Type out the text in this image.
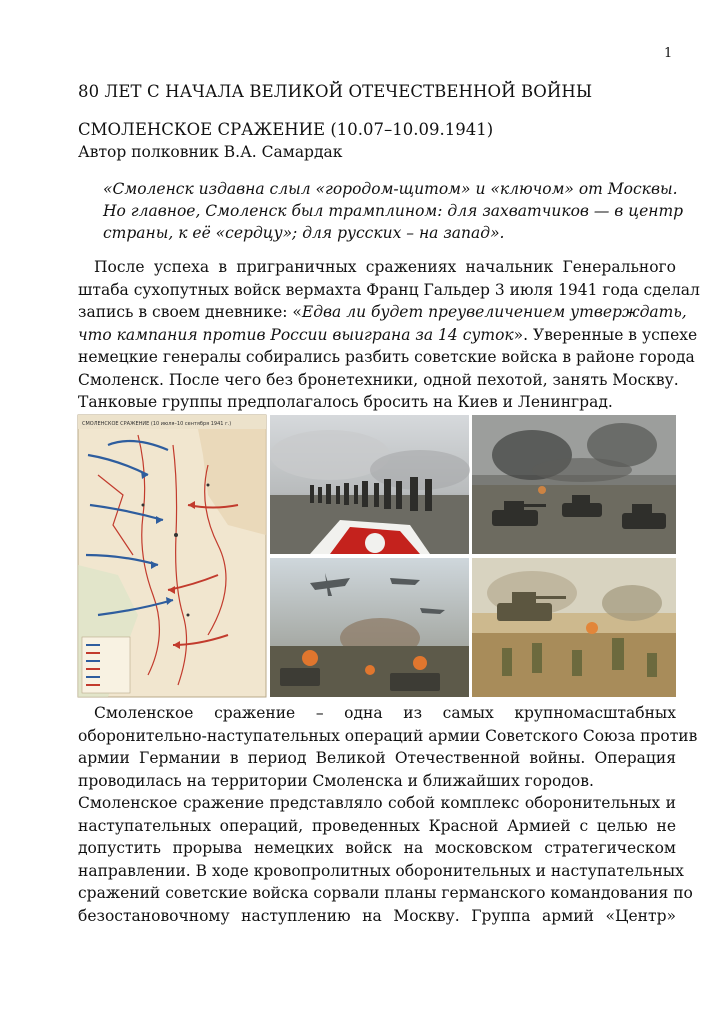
1
80 ЛЕТ С НАЧАЛА ВЕЛИКОЙ ОТЕЧЕСТВЕННОЙ ВОЙНЫ
СМОЛЕНСКОЕ СРАЖЕНИЕ (10.07–10.09.1941)
Автор полковник В.А. Самардак
«Смоленск издавна слыл «городом-щитом» и «ключом» от Москвы.
Но главное, Смоленск был трамплином: для захватчиков — в центр
страны, к её «сердцу»; для русских – на запад».
После успеха в приграничных сражениях начальник Генерального
штаба сухопутных войск вермахта Франц Гальдер 3 июля 1941 года сделал
запись в своем дневнике: «Едва ли будет преувеличением утверждать,
что кампания против России выиграна за 14 суток». Уверенные в успехе
немецкие генералы собирались разбить советские войска в районе города
Смоленск. После чего без бронетехники, одной пехотой, занять Москву.
Танковые группы предполагалось бросить на Киев и Ленинград.
СМОЛЕНСКОЕ СРАЖЕНИЕ (10 июля–10 сентября 1941 г.)
Смоленское сражение – одна из самых крупномасштабных
оборонительно-наступательных операций армии Советского Союза против
армии Германии в период Великой Отечественной войны. Операция
проводилась на территории Смоленска и ближайших городов.
Смоленское сражение представляло собой комплекс оборонительных и
наступательных операций, проведенных Красной Армией с целью не
допустить прорыва немецких войск на московском стратегическом
направлении. В ходе кровопролитных оборонительных и наступательных
сражений советские войска сорвали планы германского командования по
безостановочному наступлению на Москву. Группа армий «Центр»
